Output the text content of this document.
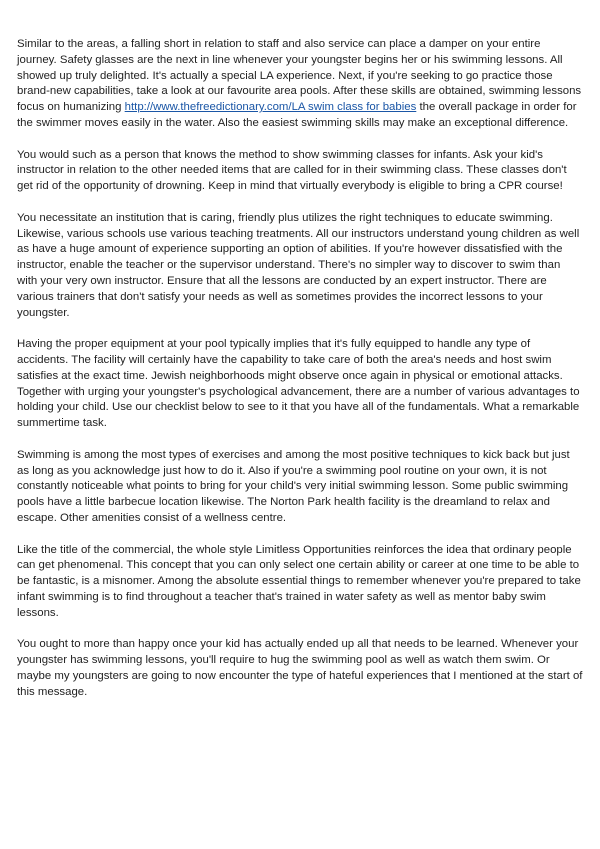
Similar to the areas, a falling short in relation to staff and also service can place a damper on your entire journey. Safety glasses are the next in line whenever your youngster begins her or his swimming lessons. All showed up truly delighted. It's actually a special LA experience. Next, if you're seeking to go practice those brand-new capabilities, take a look at our favourite area pools. After these skills are obtained, swimming lessons focus on humanizing http://www.thefreedictionary.com/LA swim class for babies the overall package in order for the swimmer moves easily in the water. Also the easiest swimming skills may make an exceptional difference.

You would such as a person that knows the method to show swimming classes for infants. Ask your kid's instructor in relation to the other needed items that are called for in their swimming class. These classes don't get rid of the opportunity of drowning. Keep in mind that virtually everybody is eligible to bring a CPR course!

You necessitate an institution that is caring, friendly plus utilizes the right techniques to educate swimming. Likewise, various schools use various teaching treatments. All our instructors understand young children as well as have a huge amount of experience supporting an option of abilities. If you're however dissatisfied with the instructor, enable the teacher or the supervisor understand. There's no simpler way to discover to swim than with your very own instructor. Ensure that all the lessons are conducted by an expert instructor. There are various trainers that don't satisfy your needs as well as sometimes provides the incorrect lessons to your youngster.

Having the proper equipment at your pool typically implies that it's fully equipped to handle any type of accidents. The facility will certainly have the capability to take care of both the area's needs and host swim satisfies at the exact time. Jewish neighborhoods might observe once again in physical or emotional attacks. Together with urging your youngster's psychological advancement, there are a number of various advantages to holding your child. Use our checklist below to see to it that you have all of the fundamentals. What a remarkable summertime task.

Swimming is among the most types of exercises and among the most positive techniques to kick back but just as long as you acknowledge just how to do it. Also if you're a swimming pool routine on your own, it is not constantly noticeable what points to bring for your child's very initial swimming lesson. Some public swimming pools have a little barbecue location likewise. The Norton Park health facility is the dreamland to relax and escape. Other amenities consist of a wellness centre.

Like the title of the commercial, the whole style Limitless Opportunities reinforces the idea that ordinary people can get phenomenal. This concept that you can only select one certain ability or career at one time to be able to be fantastic, is a misnomer. Among the absolute essential things to remember whenever you're prepared to take infant swimming is to find throughout a teacher that's trained in water safety as well as mentor baby swim lessons.

You ought to more than happy once your kid has actually ended up all that needs to be learned. Whenever your youngster has swimming lessons, you'll require to hug the swimming pool as well as watch them swim. Or maybe my youngsters are going to now encounter the type of hateful experiences that I mentioned at the start of this message.
